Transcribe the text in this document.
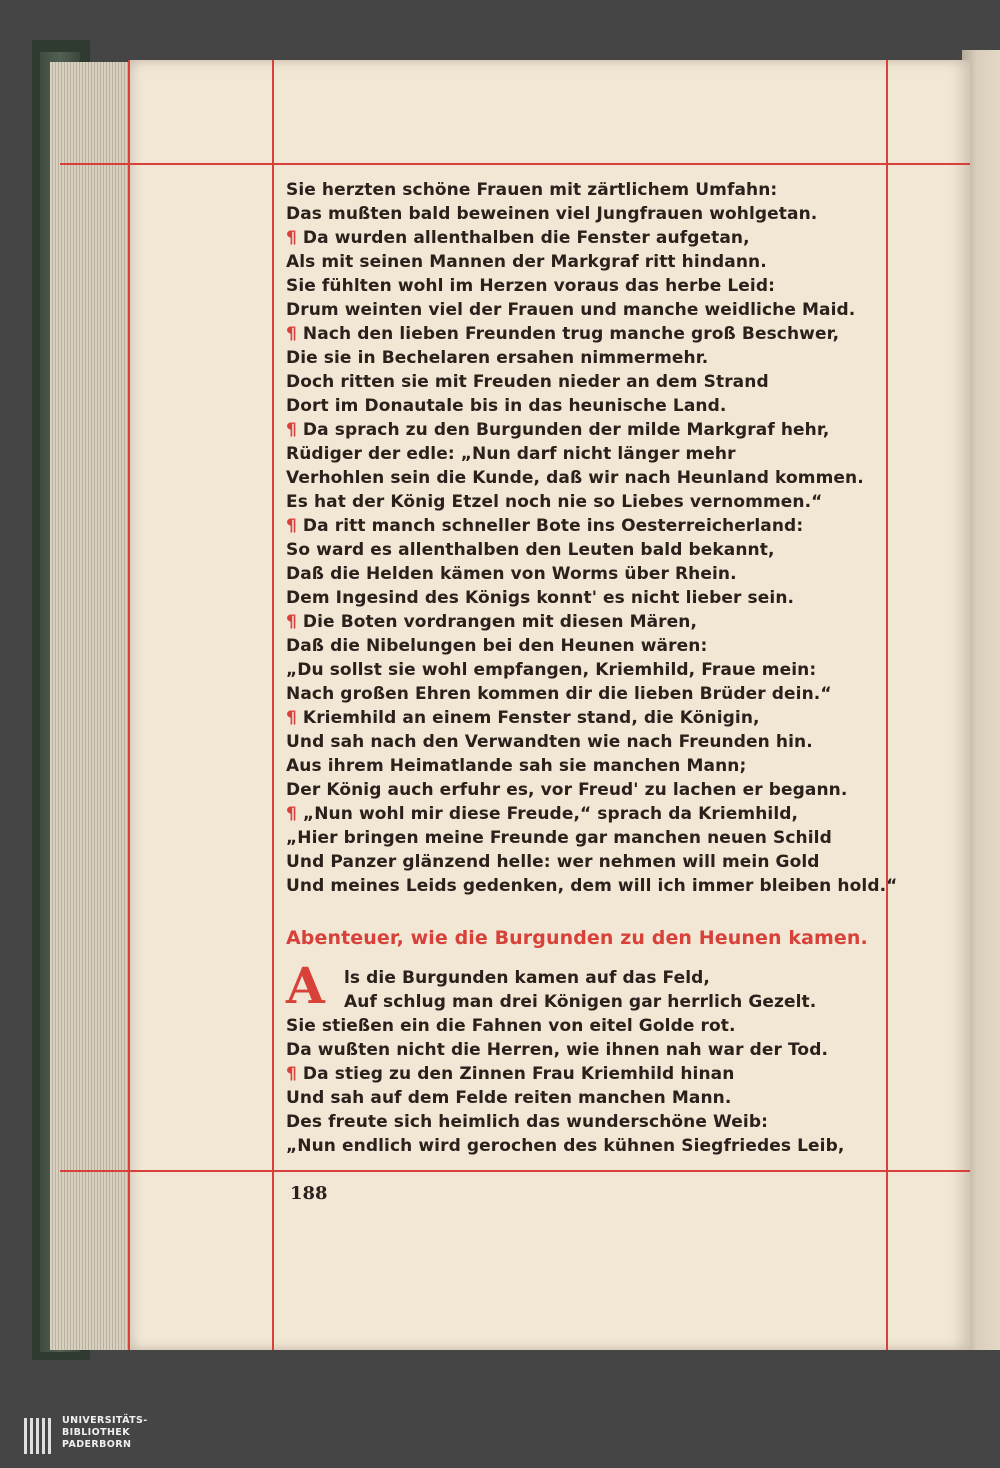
Sie herzten schöne Frauen mit zärtlichem Umfahn:
Das mußten bald beweinen viel Jungfrauen wohlgetan.
¶ Da wurden allenthalben die Fenster aufgetan,
Als mit seinen Mannen der Markgraf ritt hindann.
Sie fühlten wohl im Herzen voraus das herbe Leid:
Drum weinten viel der Frauen und manche weidliche Maid.
¶ Nach den lieben Freunden trug manche groß Beschwer,
Die sie in Bechelaren ersahen nimmermehr.
Doch ritten sie mit Freuden nieder an dem Strand
Dort im Donautale bis in das heunische Land.
¶ Da sprach zu den Burgunden der milde Markgraf hehr,
Rüdiger der edle: „Nun darf nicht länger mehr
Verhohlen sein die Kunde, daß wir nach Heunland kommen.
Es hat der König Etzel noch nie so Liebes vernommen.“
¶ Da ritt manch schneller Bote ins Oesterreicherland:
So ward es allenthalben den Leuten bald bekannt,
Daß die Helden kämen von Worms über Rhein.
Dem Ingesind des Königs konnt' es nicht lieber sein.
¶ Die Boten vordrangen mit diesen Mären,
Daß die Nibelungen bei den Heunen wären:
„Du sollst sie wohl empfangen, Kriemhild, Fraue mein:
Nach großen Ehren kommen dir die lieben Brüder dein.“
¶ Kriemhild an einem Fenster stand, die Königin,
Und sah nach den Verwandten wie nach Freunden hin.
Aus ihrem Heimatlande sah sie manchen Mann;
Der König auch erfuhr es, vor Freud' zu lachen er begann.
¶ „Nun wohl mir diese Freude,“ sprach da Kriemhild,
„Hier bringen meine Freunde gar manchen neuen Schild
Und Panzer glänzend helle: wer nehmen will mein Gold
Und meines Leids gedenken, dem will ich immer bleiben hold.“
Abenteuer, wie die Burgunden zu den Heunen kamen.
A	ls die Burgunden kamen auf das Feld,
Auf schlug man drei Königen gar herrlich Gezelt.
Sie stießen ein die Fahnen von eitel Golde rot.
Da wußten nicht die Herren, wie ihnen nah war der Tod.
¶ Da stieg zu den Zinnen Frau Kriemhild hinan
Und sah auf dem Felde reiten manchen Mann.
Des freute sich heimlich das wunderschöne Weib:
„Nun endlich wird gerochen des kühnen Siegfriedes Leib,
188
UNIVERSITÄTS-
BIBLIOTHEK
PADERBORN
